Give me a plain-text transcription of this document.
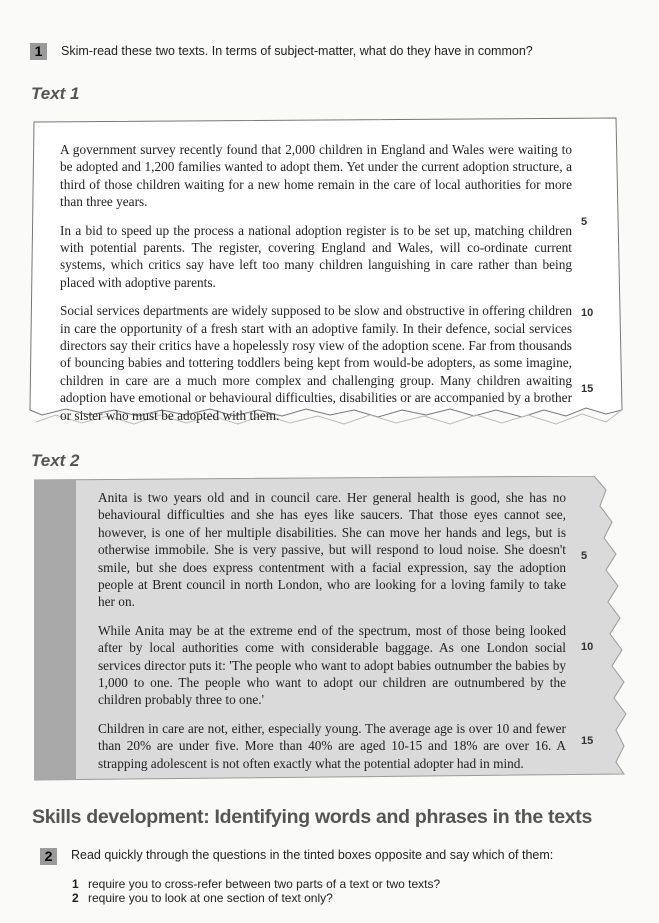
1	Skim-read these two texts. In terms of subject-matter, what do they have in common?
Text 1

A government survey recently found that 2,000 children in England and Wales were waiting to be adopted and 1,200 families wanted to adopt them. Yet under the current adoption structure, a third of those children waiting for a new home remain in the care of local authorities for more than three years.

In a bid to speed up the process a national adoption register is to be set up, matching children with potential parents. The register, covering England and Wales, will co-ordinate current systems, which critics say have left too many children languishing in care rather than being placed with adoptive parents.

Social services departments are widely supposed to be slow and obstructive in offering children in care the opportunity of a fresh start with an adoptive family. In their defence, social services directors say their critics have a hopelessly rosy view of the adoption scene. Far from thousands of bouncing babies and tottering toddlers being kept from would-be adopters, as some imagine, children in care are a much more complex and challenging group. Many children awaiting adoption have emotional or behavioural difficulties, disabilities or are accompanied by a brother or sister who must be adopted with them.

5
10
15
Text 2

Anita is two years old and in council care. Her general health is good, she has no behavioural difficulties and she has eyes like saucers. That those eyes cannot see, however, is one of her multiple disabilities. She can move her hands and legs, but is otherwise immobile. She is very passive, but will respond to loud noise. She doesn't smile, but she does express contentment with a facial expression, say the adoption people at Brent council in north London, who are looking for a loving family to take her on.

While Anita may be at the extreme end of the spectrum, most of those being looked after by local authorities come with considerable baggage. As one London social services director puts it: 'The people who want to adopt babies outnumber the babies by 1,000 to one. The people who want to adopt our children are outnumbered by the children probably three to one.'

Children in care are not, either, especially young. The average age is over 10 and fewer than 20% are under five. More than 40% are aged 10-15 and 18% are over 16. A strapping adolescent is not often exactly what the potential adopter had in mind.

5
10
15
Skills development: Identifying words and phrases in the texts
2	Read quickly through the questions in the tinted boxes opposite and say which of them:
1 require you to cross-refer between two parts of a text or two texts?
2 require you to look at one section of text only?
